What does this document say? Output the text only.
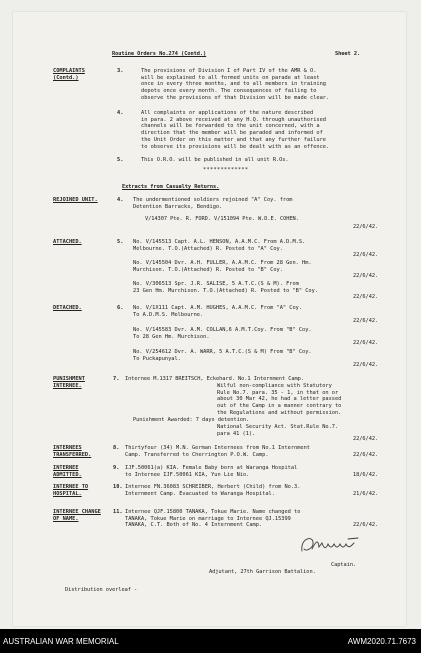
Routine Orders No.274 (Contd.)	Sheet 2.
COMPLAINTS (Contd.)
3.	The provisions of Division I of Part IV of the AMR & O.
will be explained to all formed units on parade at least
once in every three months, and to all members in training
depots once every month. The consequences of failing to
observe the provisions of that Division will be made clear.
4.	All complaints or applications of the nature described
in para. 2 above received at any H.Q. through unauthorised
channels will be forwarded to the unit concerned, with a
direction that the member will be paraded and informed of
the Unit Order on this matter and that any further failure
to observe its provisions will be dealt with as an offence.
5.	This O.R.O. will be published in all unit R.Os.
*************
Extracts from Casualty Returns.
REJOINED UNIT.	4. The undermentioned soldiers rejoined "A" Coy. from
Detention Barracks, Bendigo.
V/14307 Pte. R. FORD. V/151094 Pte. W.D.E. COHEN.
22/6/42.
ATTACHED.	5. No. V/145513 Capt. A.L. HENSON, A.A.M.C. From A.D.M.S.
Melbourne. T.O.(Attached) R. Posted to "A" Coy.
22/6/42.
No. V/145504 Dvr. A.H. FULLER, A.A.M.C. From 28 Gen. Hm.
Murchison. T.O.(Attached) R. Posted to "B" Coy.
22/6/42.
No. V/306513 Spr. J.R. SALISE, 5 A.T.C.(S & M). From
23 Gen Hm. Murchison. T.O.(Attached) R. Posted to "B" Coy.
22/6/42.
DETACHED.	6. No. V/1X111 Capt. A.M. HUGHES, A.A.M.C. From "A" Coy.
To A.D.M.S. Melbourne.
22/6/42.
No. V/145583 Dvr. A.M. COLLAN,6 A.M.T.Coy. From "B" Coy.
To 28 Gen Hm. Murchison.
22/6/42.
No. V/254612 Dvr. A. WARR, 5 A.T.C.(S & M) From "B" Coy.
To Puckapunyal.
22/6/42.
PUNISHMENT INTERNEE.
7. Internee M.1317 BREITSCH, Eckehard. No.1 Internment Camp.
Wilful non-compliance with Statutory
Rule No.7. para. 35 - 1, in that on or
about 30 Mar 42, he had a letter passed
out of the Camp in a manner contrary to
the Regulations and without permission.
Punishment Awarded: 7 days detention.
National Security Act. Stat.Rule No.7.
para 41 (1).
22/6/42.
INTERNEES TRANSFERRED.
8. Thirtyfour (34) M.N. German Internees from No.1 Internment
Camp. Transferred to Cherrington P.O.W. Camp.	22/6/42.
INTERNEE ADMITTED.
9. IJF.50061(a) KIA. Female Baby born at Waranga Hospital
to Internee IJF.50061 KIA, Yun Lie Nio.	18/6/42.
INTERNEE TO HOSPITAL.
10. Internee FN.36083 SCHREIBER, Herbert (Child) from No.3.
Internment Camp. Evacuated to Waranga Hospital.	21/6/42.
INTERNEE CHANGE OF NAME.
11. Internee QJF.15800 TANAKA, Tokue Marie. Name changed to
TANAKA, Tokue Marie on marriage to Internee QJ.15399
TANAKA, C.T. Both of No. 4 Internment Camp.	22/6/42.
Captain.
Adjutant, 27th Garrison Battalion.
Distribution overleaf -
AUSTRALIAN WAR MEMORIAL	AWM2020.71.7673
